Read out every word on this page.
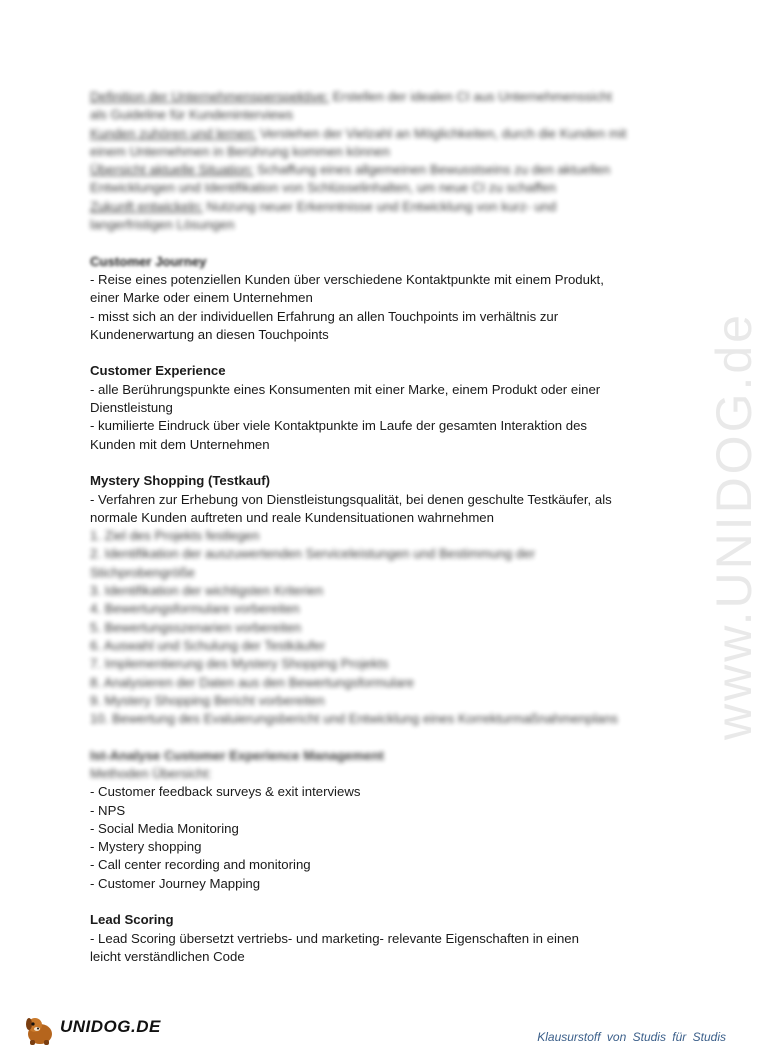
www.UNIDOG.de
Definition der Unternehmensperspektive: Erstellen der idealen CI aus Unternehmenssicht
als Guideline für Kundeninterviews
Kunden zuhören und lernen: Verstehen der Vielzahl an Möglichkeiten, durch die Kunden mit
einem Unternehmen in Berührung kommen können
Übersicht aktuelle Situation: Schaffung eines allgemeinen Bewusstseins zu den aktuellen
Entwicklungen und Identifikation von Schlüsselinhalten, um neue CI zu schaffen
Zukunft entwickeln: Nutzung neuer Erkenntnisse und Entwicklung von kurz- und
langerfristigen Lösungen
Customer Journey
- Reise eines potenziellen Kunden über verschiedene Kontaktpunkte mit einem Produkt,
einer Marke oder einem Unternehmen
- misst sich an der individuellen Erfahrung an allen Touchpoints im verhältnis zur
Kundenerwartung an diesen Touchpoints
Customer Experience
- alle Berührungspunkte eines Konsumenten mit einer Marke, einem Produkt oder einer
Dienstleistung
- kumilierte Eindruck über viele Kontaktpunkte im Laufe der gesamten Interaktion des
Kunden mit dem Unternehmen
Mystery Shopping (Testkauf)
- Verfahren zur Erhebung von Dienstleistungsqualität, bei denen geschulte Testkäufer, als
normale Kunden auftreten und reale Kundensituationen wahrnehmen
1. Ziel des Projekts festlegen
2. Identifikation der auszuwertenden Serviceleistungen und Bestimmung der
Stichprobengröße
3. Identifikation der wichtigsten Kriterien
4. Bewertungsformulare vorbereiten
5. Bewertungsszenarien vorbereiten
6. Auswahl und Schulung der Testkäufer
7. Implementierung des Mystery Shopping Projekts
8. Analysieren der Daten aus den Bewertungsformulare
9. Mystery Shopping Bericht vorbereiten
10. Bewertung des Evaluierungsbericht und Entwicklung eines Korrekturmaßnahmenplans
Ist-Analyse Customer Experience Management
Methoden Übersicht:
- Customer feedback surveys & exit interviews
- NPS
- Social Media Monitoring
- Mystery shopping
- Call center recording and monitoring
- Customer Journey Mapping
Lead Scoring
- Lead Scoring übersetzt vertriebs- und marketing- relevante Eigenschaften in einen
leicht verständlichen Code
UNIDOG.DE
Klausurstoff von Studis für Studis
